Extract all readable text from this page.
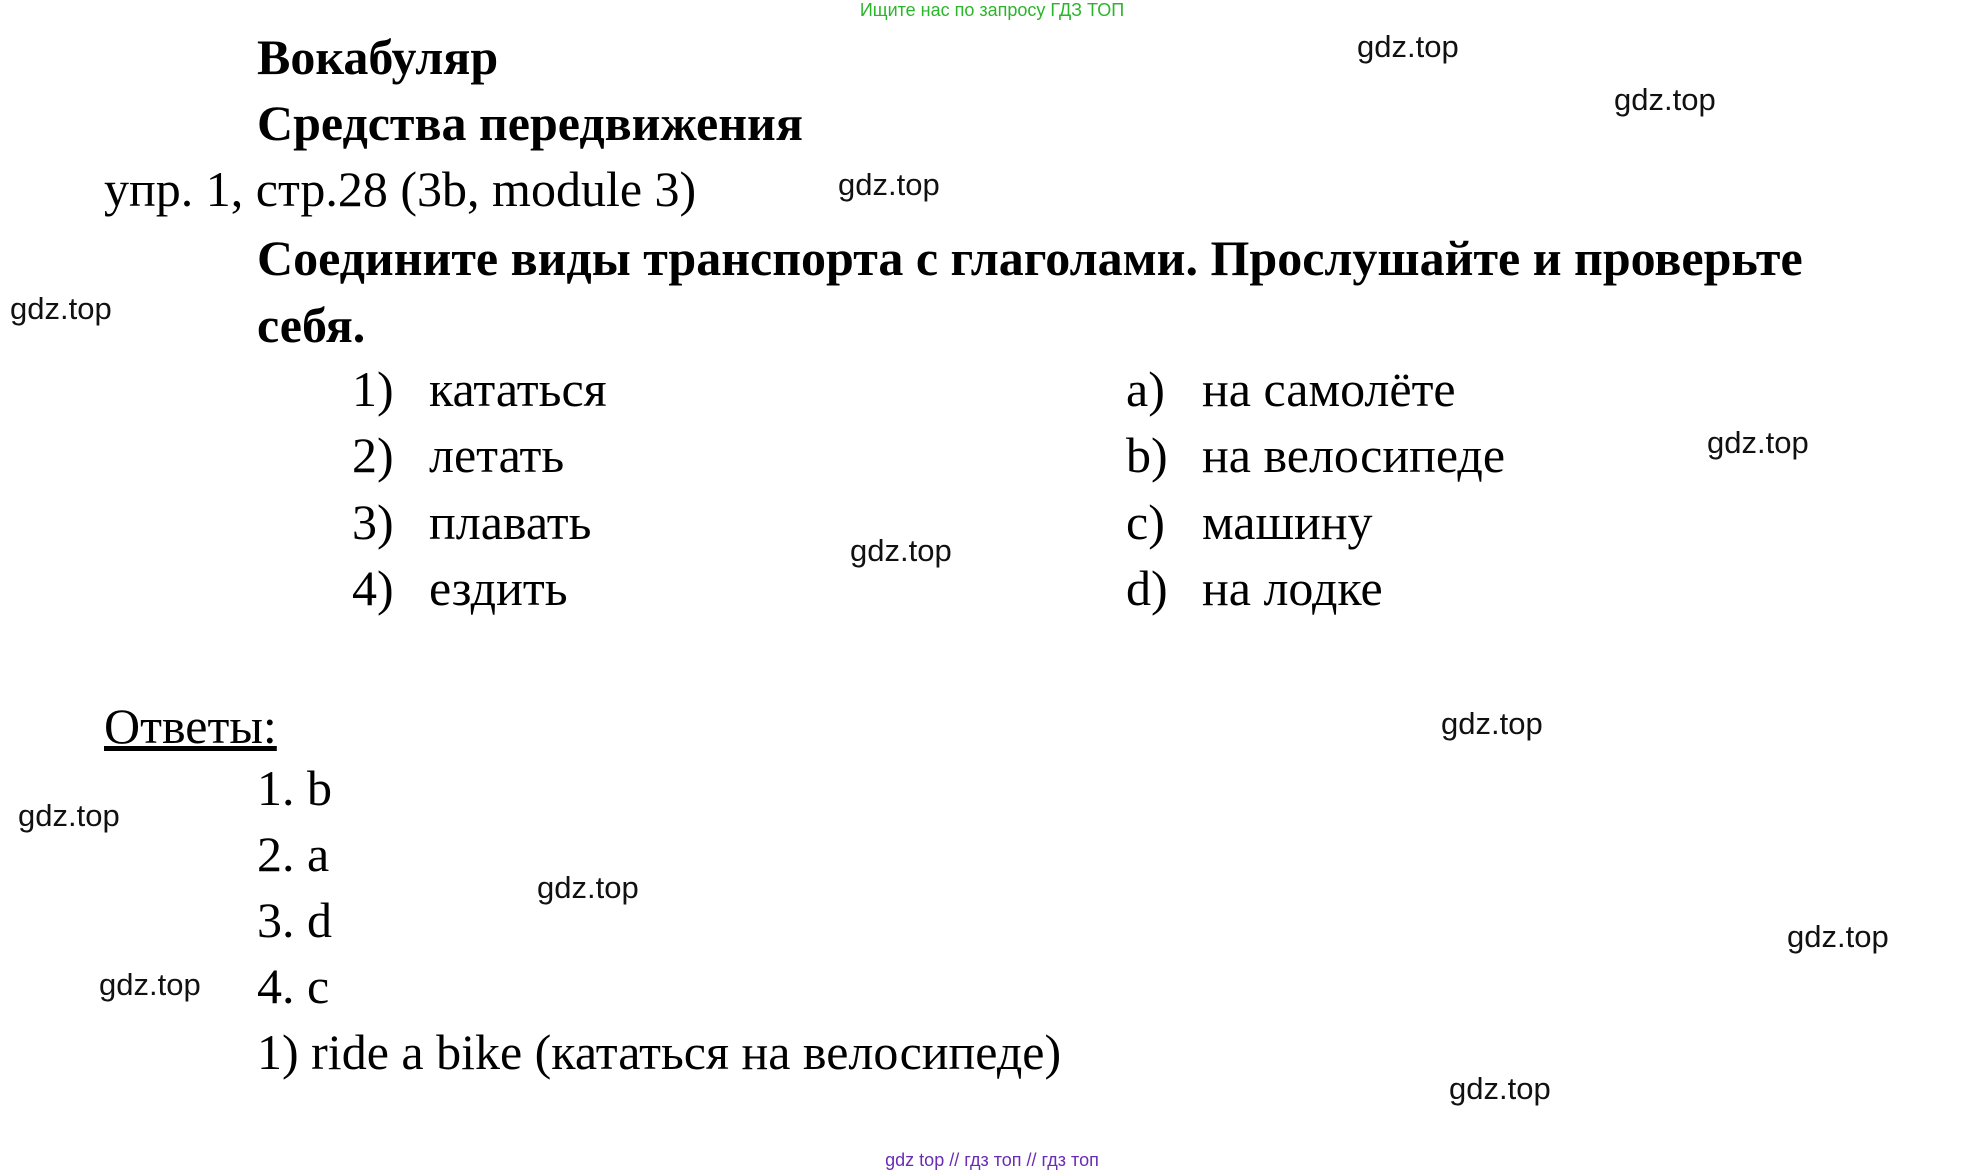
Ищите нас по запросу ГДЗ ТОП
Вокабуляр
Средства передвижения
упр. 1, стр.28 (3b, module 3)
Соедините виды транспорта с глаголами. Прослушайте и проверьте себя.
1) кататься
2) летать
3) плавать
4) ездить
a) на самолёте
b) на велосипеде
c) машину
d) на лодке
Ответы:
1. b
2. a
3. d
4. c
1) ride a bike (кататься на велосипеде)
gdz.top
gdz.top
gdz.top
gdz.top
gdz.top
gdz.top
gdz.top
gdz.top
gdz.top
gdz.top
gdz.top
gdz.top
gdz top // гдз топ // гдз топ
